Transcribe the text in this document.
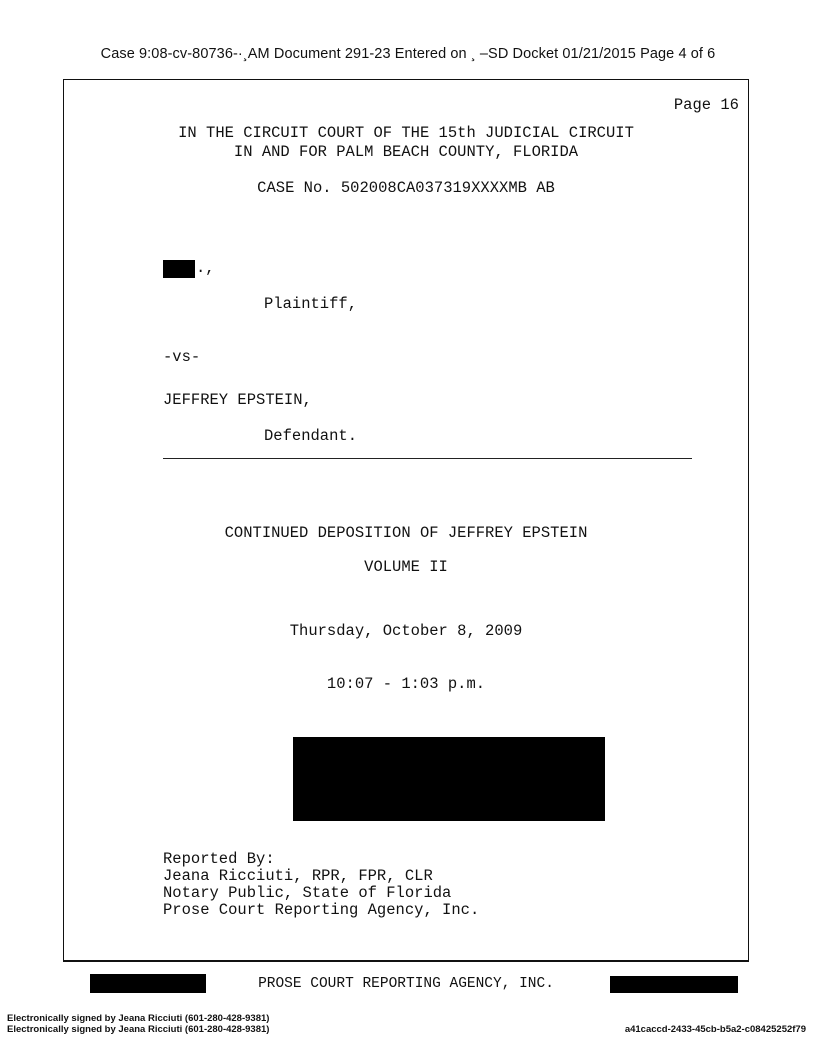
Case 9:08-cv-80736-·¸AM Document 291-23 Entered on ¸ –SD Docket 01/21/2015 Page 4 of 6
Page 16
IN THE CIRCUIT COURT OF THE 15th JUDICIAL CIRCUIT
IN AND FOR PALM BEACH COUNTY, FLORIDA
CASE No. 502008CA037319XXXXMB AB
.,
Plaintiff,
-vs-
JEFFREY EPSTEIN,
Defendant.
CONTINUED DEPOSITION OF JEFFREY EPSTEIN
VOLUME II
Thursday, October 8, 2009
10:07 - 1:03 p.m.
Reported By:
Jeana Ricciuti, RPR, FPR, CLR
Notary Public, State of Florida
Prose Court Reporting Agency, Inc.
PROSE COURT REPORTING AGENCY, INC.
Electronically signed by Jeana Ricciuti (601-280-428-9381)
Electronically signed by Jeana Ricciuti (601-280-428-9381)	a41caccd-2433-45cb-b5a2-c08425252f79
